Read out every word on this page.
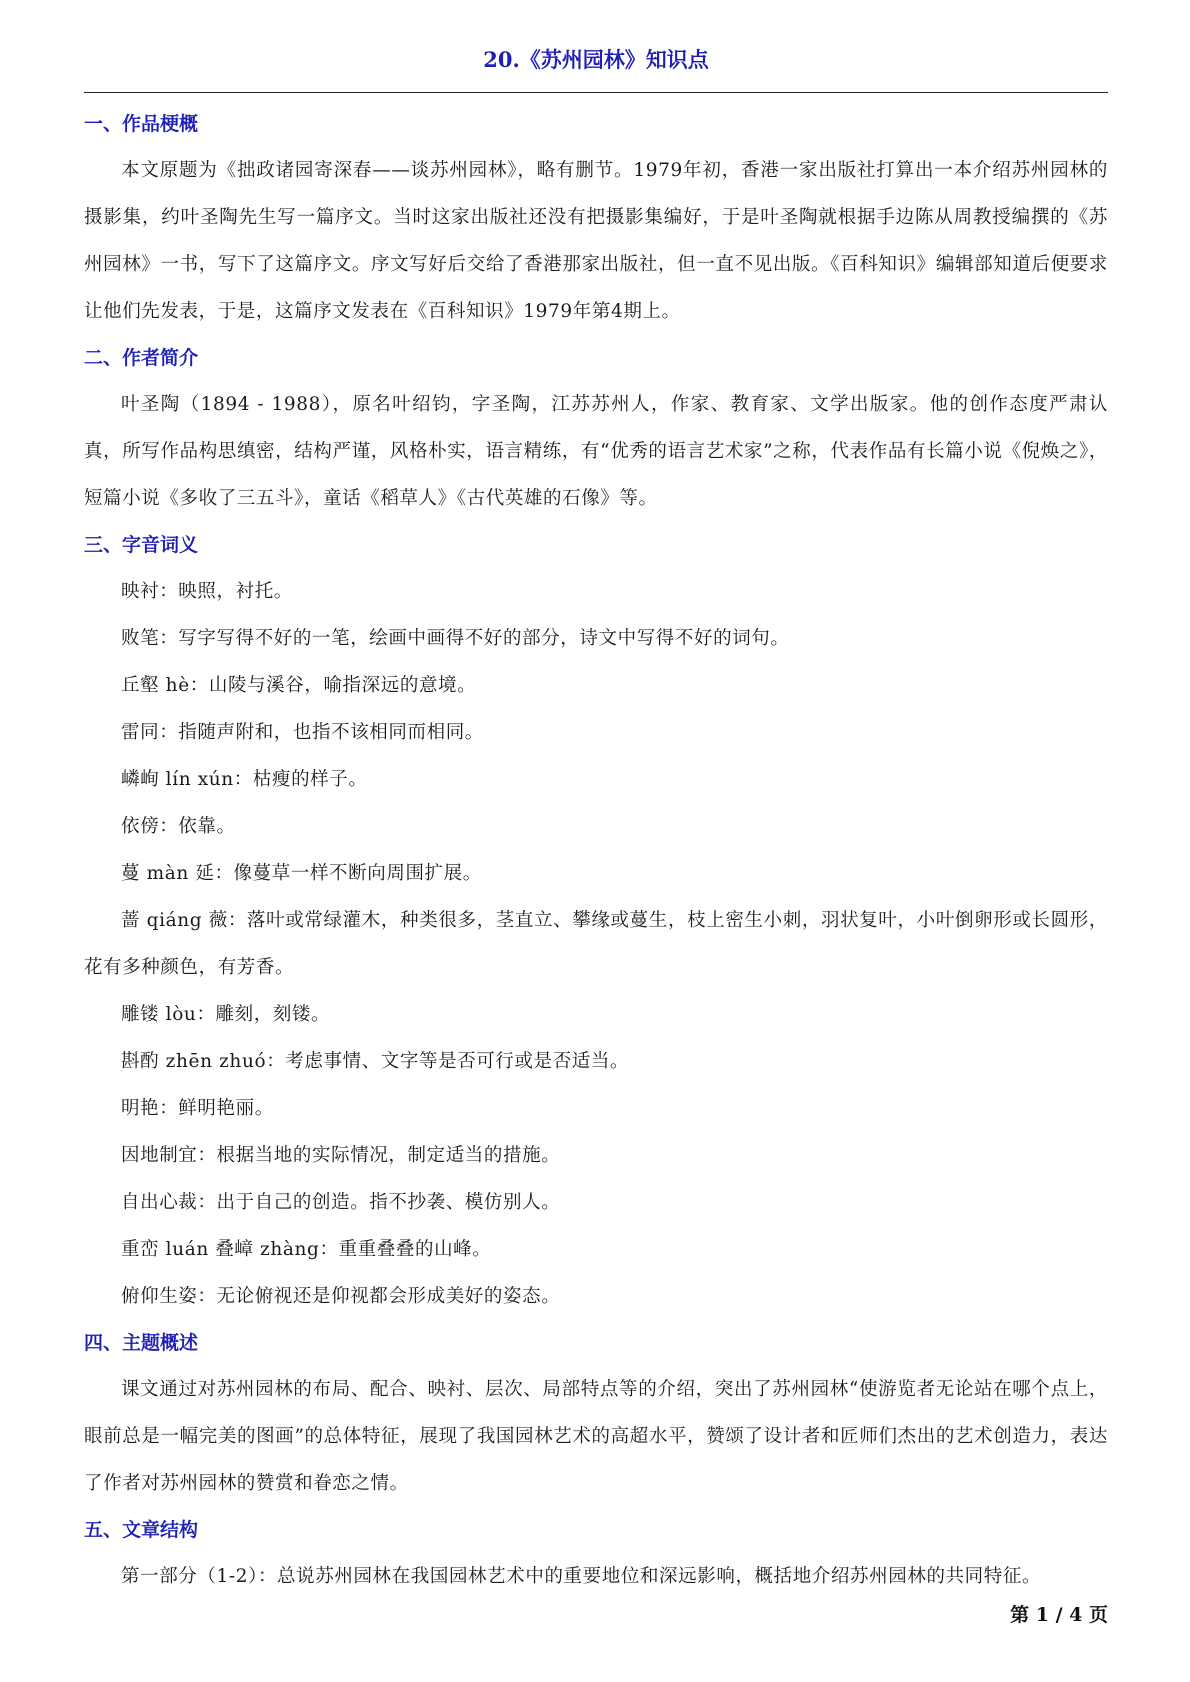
20.《苏州园林》知识点
一、作品梗概

本文原题为《拙政诸园寄深春——谈苏州园林》，略有删节。1979年初，香港一家出版社打算出一本介绍苏州园林的摄影集，约叶圣陶先生写一篇序文。当时这家出版社还没有把摄影集编好，于是叶圣陶就根据手边陈从周教授编撰的《苏州园林》一书，写下了这篇序文。序文写好后交给了香港那家出版社，但一直不见出版。《百科知识》编辑部知道后便要求让他们先发表，于是，这篇序文发表在《百科知识》1979年第4期上。

二、作者简介

叶圣陶（1894 - 1988），原名叶绍钧，字圣陶，江苏苏州人，作家、教育家、文学出版家。他的创作态度严肃认真，所写作品构思缜密，结构严谨，风格朴实，语言精练，有“优秀的语言艺术家”之称，代表作品有长篇小说《倪焕之》，短篇小说《多收了三五斗》，童话《稻草人》《古代英雄的石像》等。

三、字音词义

映衬：映照，衬托。

败笔：写字写得不好的一笔，绘画中画得不好的部分，诗文中写得不好的词句。

丘壑 hè：山陵与溪谷，喻指深远的意境。

雷同：指随声附和，也指不该相同而相同。

嶙峋 lín xún：枯瘦的样子。

依傍：依靠。

蔓 màn 延：像蔓草一样不断向周围扩展。

蔷 qiáng 薇：落叶或常绿灌木，种类很多，茎直立、攀缘或蔓生，枝上密生小刺，羽状复叶，小叶倒卵形或长圆形，花有多种颜色，有芳香。

雕镂 lòu：雕刻，刻镂。

斟酌 zhēn zhuó：考虑事情、文字等是否可行或是否适当。

明艳：鲜明艳丽。

因地制宜：根据当地的实际情况，制定适当的措施。

自出心裁：出于自己的创造。指不抄袭、模仿别人。

重峦 luán 叠嶂 zhàng：重重叠叠的山峰。

俯仰生姿：无论俯视还是仰视都会形成美好的姿态。

四、主题概述

课文通过对苏州园林的布局、配合、映衬、层次、局部特点等的介绍，突出了苏州园林“使游览者无论站在哪个点上，眼前总是一幅完美的图画”的总体特征，展现了我国园林艺术的高超水平，赞颂了设计者和匠师们杰出的艺术创造力，表达了作者对苏州园林的赞赏和眷恋之情。

五、文章结构

第一部分（1-2）：总说苏州园林在我国园林艺术中的重要地位和深远影响，概括地介绍苏州园林的共同特征。

第 1 / 4 页
